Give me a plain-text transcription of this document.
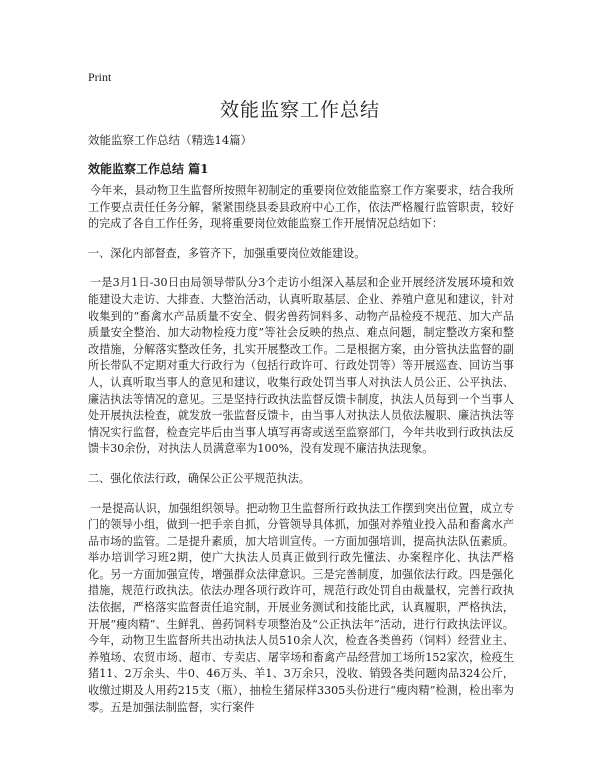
Print
效能监察工作总结

效能监察工作总结（精选14篇）

效能监察工作总结 篇1

今年来，县动物卫生监督所按照年初制定的重要岗位效能监察工作方案要求，结合我所工作要点责任任务分解，紧紧围绕县委县政府中心工作，依法严格履行监管职责，较好的完成了各自工作任务，现将重要岗位效能监察工作开展情况总结如下：

一、深化内部督查，多管齐下，加强重要岗位效能建设。

一是3月1日-30日由局领导带队分3个走访小组深入基层和企业开展经济发展环境和效能建设大走访、大排查、大整治活动，认真听取基层、企业、养殖户意见和建议，针对收集到的“畜禽水产品质量不安全、假劣兽药饲料多、动物产品检疫不规范、加大产品质量安全整治、加大动物检疫力度”等社会反映的热点、难点问题，制定整改方案和整改措施，分解落实整改任务，扎实开展整改工作。二是根据方案，由分管执法监督的副所长带队不定期对重大行政行为（包括行政许可、行政处罚等）等开展巡查、回访当事人，认真听取当事人的意见和建议，收集行政处罚当事人对执法人员公正、公平执法、廉洁执法等情况的意见。三是坚持行政执法监督反馈卡制度，执法人员每到一个当事人处开展执法检查，就发放一张监督反馈卡，由当事人对执法人员依法履职、廉洁执法等情况实行监督，检查完毕后由当事人填写再寄或送至监察部门，今年共收到行政执法反馈卡30余份，对执法人员满意率为100%，没有发现不廉洁执法现象。

二、强化依法行政，确保公正公平规范执法。

一是提高认识，加强组织领导。把动物卫生监督所行政执法工作摆到突出位置，成立专门的领导小组，做到一把手亲自抓，分管领导具体抓，加强对养殖业投入品和畜禽水产品市场的监管。二是提升素质，加大培训宣传。一方面加强培训，提高执法队伍素质。举办培训学习班2期，使广大执法人员真正做到行政先懂法、办案程序化、执法严格化。另一方面加强宣传，增强群众法律意识。三是完善制度，加强依法行政。四是强化措施，规范行政执法。依法办理各项行政许可，规范行政处罚自由裁量权，完善行政执法依据，严格落实监督责任追究制，开展业务测试和技能比武，认真履职，严格执法，开展“瘦肉精”、生鲜乳、兽药饲料专项整治及“公正执法年”活动，进行行政执法评议。今年，动物卫生监督所共出动执法人员510余人次，检查各类兽药（饲料）经营业主、养殖场、农贸市场、超市、专卖店、屠宰场和畜禽产品经营加工场所152家次，检疫生猪11、2万余头、牛0、46万头、羊1、3万余只，没收、销毁各类问题肉品324公斤，收缴过期及人用药215支（瓶），抽检生猪尿样3305头份进行“瘦肉精”检测，检出率为零。五是加强法制监督，实行案件
